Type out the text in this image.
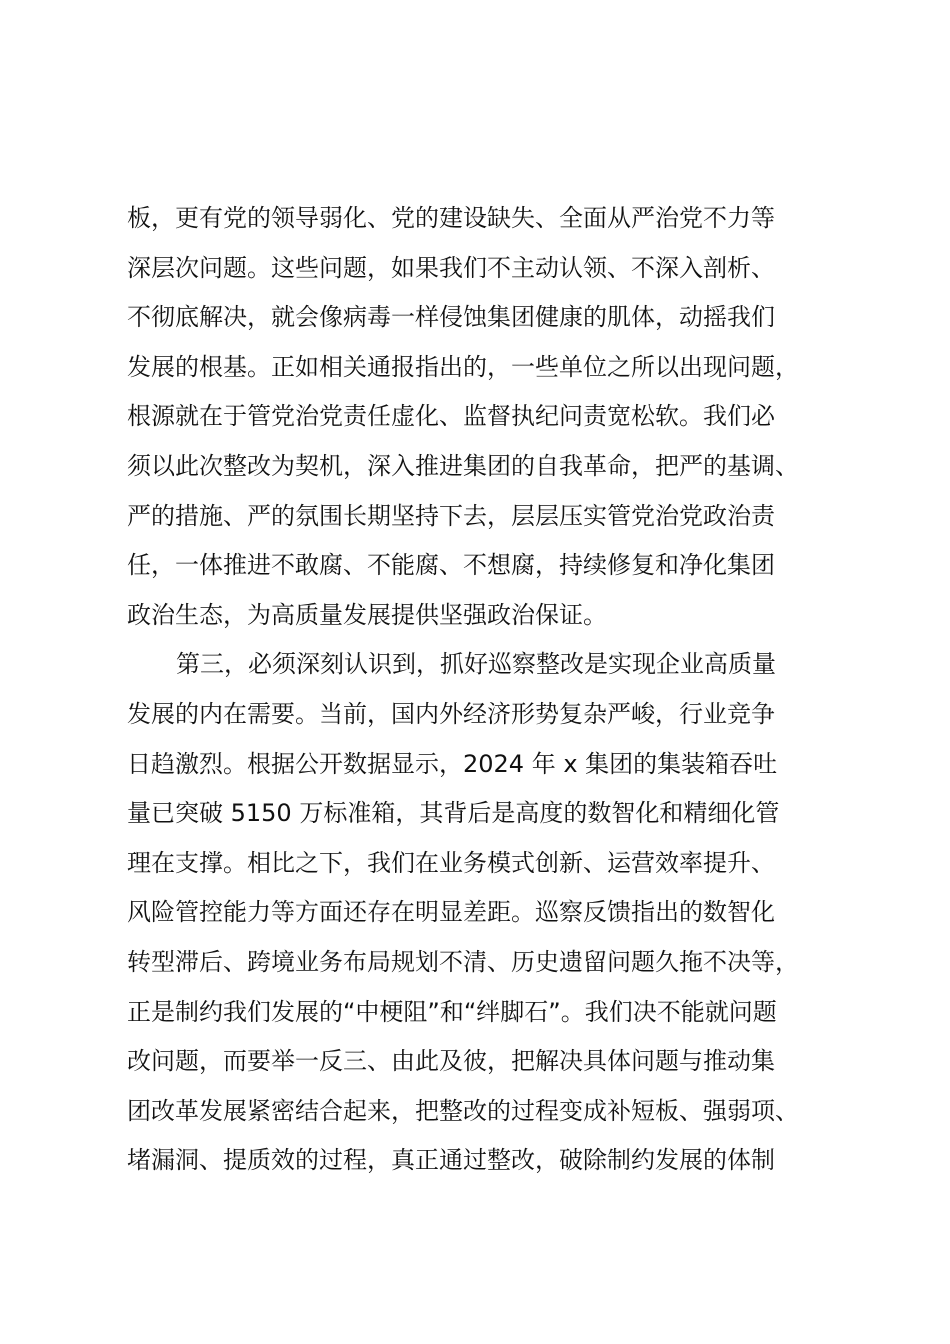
板，更有党的领导弱化、党的建设缺失、全面从严治党不力等
深层次问题。这些问题，如果我们不主动认领、不深入剖析、
不彻底解决，就会像病毒一样侵蚀集团健康的肌体，动摇我们
发展的根基。正如相关通报指出的，一些单位之所以出现问题，
根源就在于管党治党责任虚化、监督执纪问责宽松软。我们必
须以此次整改为契机，深入推进集团的自我革命，把严的基调、
严的措施、严的氛围长期坚持下去，层层压实管党治党政治责
任，一体推进不敢腐、不能腐、不想腐，持续修复和净化集团
政治生态，为高质量发展提供坚强政治保证。
第三，必须深刻认识到，抓好巡察整改是实现企业高质量
发展的内在需要。当前，国内外经济形势复杂严峻，行业竞争
日趋激烈。根据公开数据显示，2024 年 x 集团的集装箱吞吐
量已突破 5150 万标准箱，其背后是高度的数智化和精细化管
理在支撑。相比之下，我们在业务模式创新、运营效率提升、
风险管控能力等方面还存在明显差距。巡察反馈指出的数智化
转型滞后、跨境业务布局规划不清、历史遗留问题久拖不决等，
正是制约我们发展的“中梗阻”和“绊脚石”。我们决不能就问题
改问题，而要举一反三、由此及彼，把解决具体问题与推动集
团改革发展紧密结合起来，把整改的过程变成补短板、强弱项、
堵漏洞、提质效的过程，真正通过整改，破除制约发展的体制
